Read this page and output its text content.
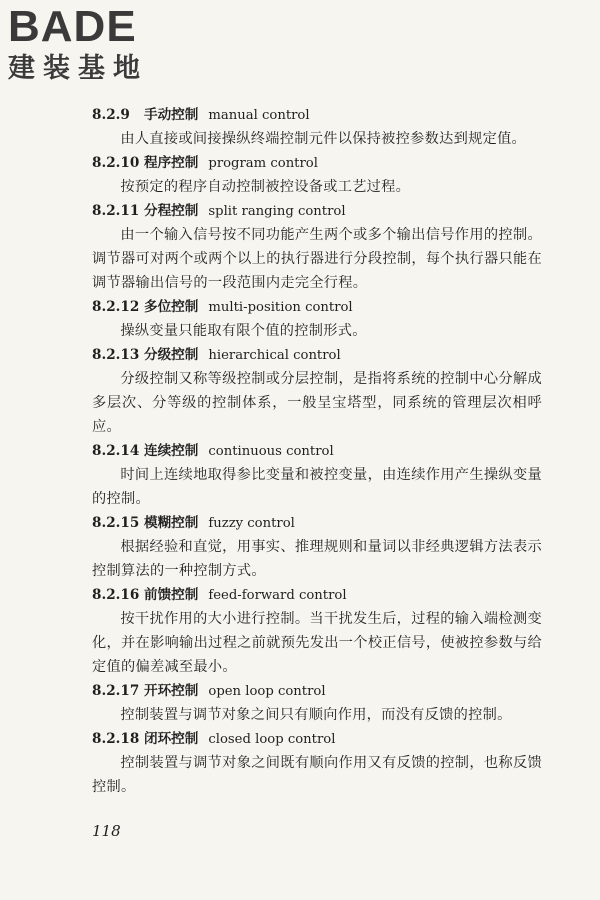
BADE
建装基地
8.2.9 手动控制 manual control

由人直接或间接操纵终端控制元件以保持被控参数达到规定值。

8.2.10 程序控制 program control

按预定的程序自动控制被控设备或工艺过程。

8.2.11 分程控制 split ranging control

由一个输入信号按不同功能产生两个或多个输出信号作用的控制。调节器可对两个或两个以上的执行器进行分段控制，每个执行器只能在调节器输出信号的一段范围内走完全行程。

8.2.12 多位控制 multi-position control

操纵变量只能取有限个值的控制形式。

8.2.13 分级控制 hierarchical control

分级控制又称等级控制或分层控制，是指将系统的控制中心分解成多层次、分等级的控制体系，一般呈宝塔型，同系统的管理层次相呼应。

8.2.14 连续控制 continuous control

时间上连续地取得参比变量和被控变量，由连续作用产生操纵变量的控制。

8.2.15 模糊控制 fuzzy control

根据经验和直觉，用事实、推理规则和量词以非经典逻辑方法表示控制算法的一种控制方式。

8.2.16 前馈控制 feed-forward control

按干扰作用的大小进行控制。当干扰发生后，过程的输入端检测变化，并在影响输出过程之前就预先发出一个校正信号，使被控参数与给定值的偏差减至最小。

8.2.17 开环控制 open loop control

控制装置与调节对象之间只有顺向作用，而没有反馈的控制。

8.2.18 闭环控制 closed loop control

控制装置与调节对象之间既有顺向作用又有反馈的控制，也称反馈控制。

118
